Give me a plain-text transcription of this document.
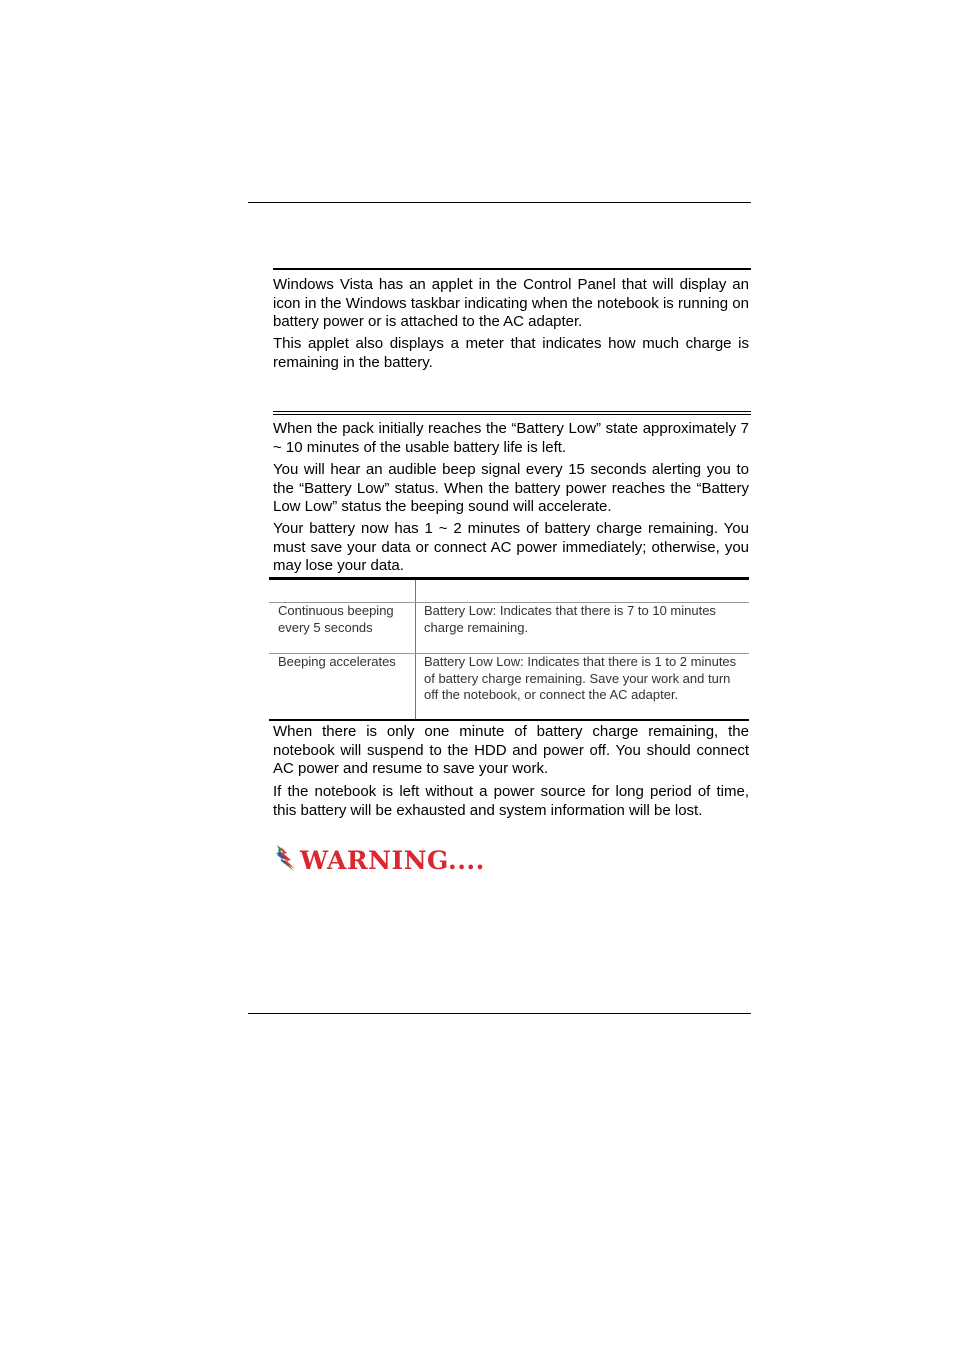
Windows Vista has an applet in the Control Panel that will display an icon in the Windows taskbar indicating when the notebook is running on battery power or is attached to the AC adapter.

This applet also displays a meter that indicates how much charge is remaining in the battery.

When the pack initially reaches the “Battery Low” state approximately 7 ~ 10 minutes of the usable battery life is left.

You will hear an audible beep signal every 15 seconds alerting you to the “Battery Low” status. When the battery power reaches the “Battery Low Low” status the beeping sound will accelerate.

Your battery now has 1 ~ 2 minutes of battery charge remaining. You must save your data or connect AC power immediately; otherwise, you may lose your data.

Continuous beeping every 5 seconds	Battery Low: Indicates that there is 7 to 10 minutes charge remaining.
Beeping accelerates	Battery Low Low: Indicates that there is 1 to 2 minutes of battery charge remaining. Save your work and turn off the notebook, or connect the AC adapter.

When there is only one minute of battery charge remaining, the notebook will suspend to the HDD and power off. You should connect AC power and resume to save your work.

If the notebook is left without a power source for long period of time, this battery will be exhausted and system information will be lost.

WARNING....
